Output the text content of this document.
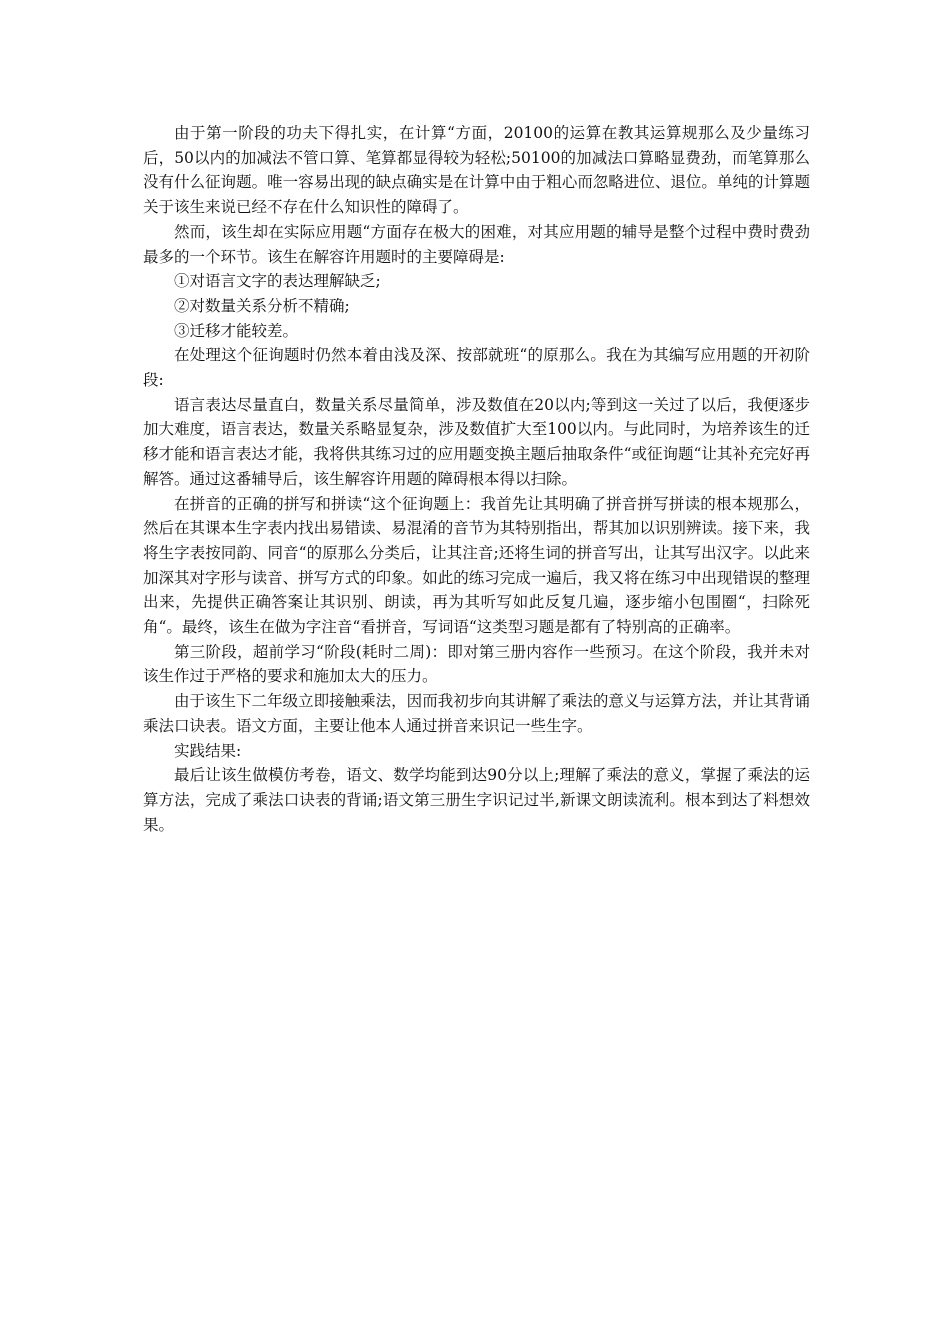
由于第一阶段的功夫下得扎实，在计算“方面，20100的运算在教其运算规那么及少量练习后，50以内的加减法不管口算、笔算都显得较为轻松;50100的加减法口算略显费劲，而笔算那么没有什么征询题。唯一容易出现的缺点确实是在计算中由于粗心而忽略进位、退位。单纯的计算题关于该生来说已经不存在什么知识性的障碍了。

然而，该生却在实际应用题“方面存在极大的困难，对其应用题的辅导是整个过程中费时费劲最多的一个环节。该生在解容许用题时的主要障碍是:

①对语言文字的表达理解缺乏;

②对数量关系分析不精确;

③迁移才能较差。

在处理这个征询题时仍然本着由浅及深、按部就班“的原那么。我在为其编写应用题的开初阶段:

语言表达尽量直白，数量关系尽量简单，涉及数值在20以内;等到这一关过了以后，我便逐步加大难度，语言表达，数量关系略显复杂，涉及数值扩大至100以内。与此同时，为培养该生的迁移才能和语言表达才能，我将供其练习过的应用题变换主题后抽取条件“或征询题“让其补充完好再解答。通过这番辅导后，该生解容许用题的障碍根本得以扫除。

在拼音的正确的拼写和拼读“这个征询题上：我首先让其明确了拼音拼写拼读的根本规那么，然后在其课本生字表内找出易错读、易混淆的音节为其特别指出，帮其加以识别辨读。接下来，我将生字表按同韵、同音“的原那么分类后，让其注音;还将生词的拼音写出，让其写出汉字。以此来加深其对字形与读音、拼写方式的印象。如此的练习完成一遍后，我又将在练习中出现错误的整理出来，先提供正确答案让其识别、朗读，再为其听写如此反复几遍，逐步缩小包围圈“，扫除死角“。最终，该生在做为字注音“看拼音，写词语“这类型习题是都有了特别高的正确率。

第三阶段，超前学习“阶段(耗时二周)：即对第三册内容作一些预习。在这个阶段，我并未对该生作过于严格的要求和施加太大的压力。

由于该生下二年级立即接触乘法，因而我初步向其讲解了乘法的意义与运算方法，并让其背诵乘法口诀表。语文方面，主要让他本人通过拼音来识记一些生字。

实践结果:

最后让该生做模仿考卷，语文、数学均能到达90分以上;理解了乘法的意义，掌握了乘法的运算方法，完成了乘法口诀表的背诵;语文第三册生字识记过半,新课文朗读流利。根本到达了料想效果。
